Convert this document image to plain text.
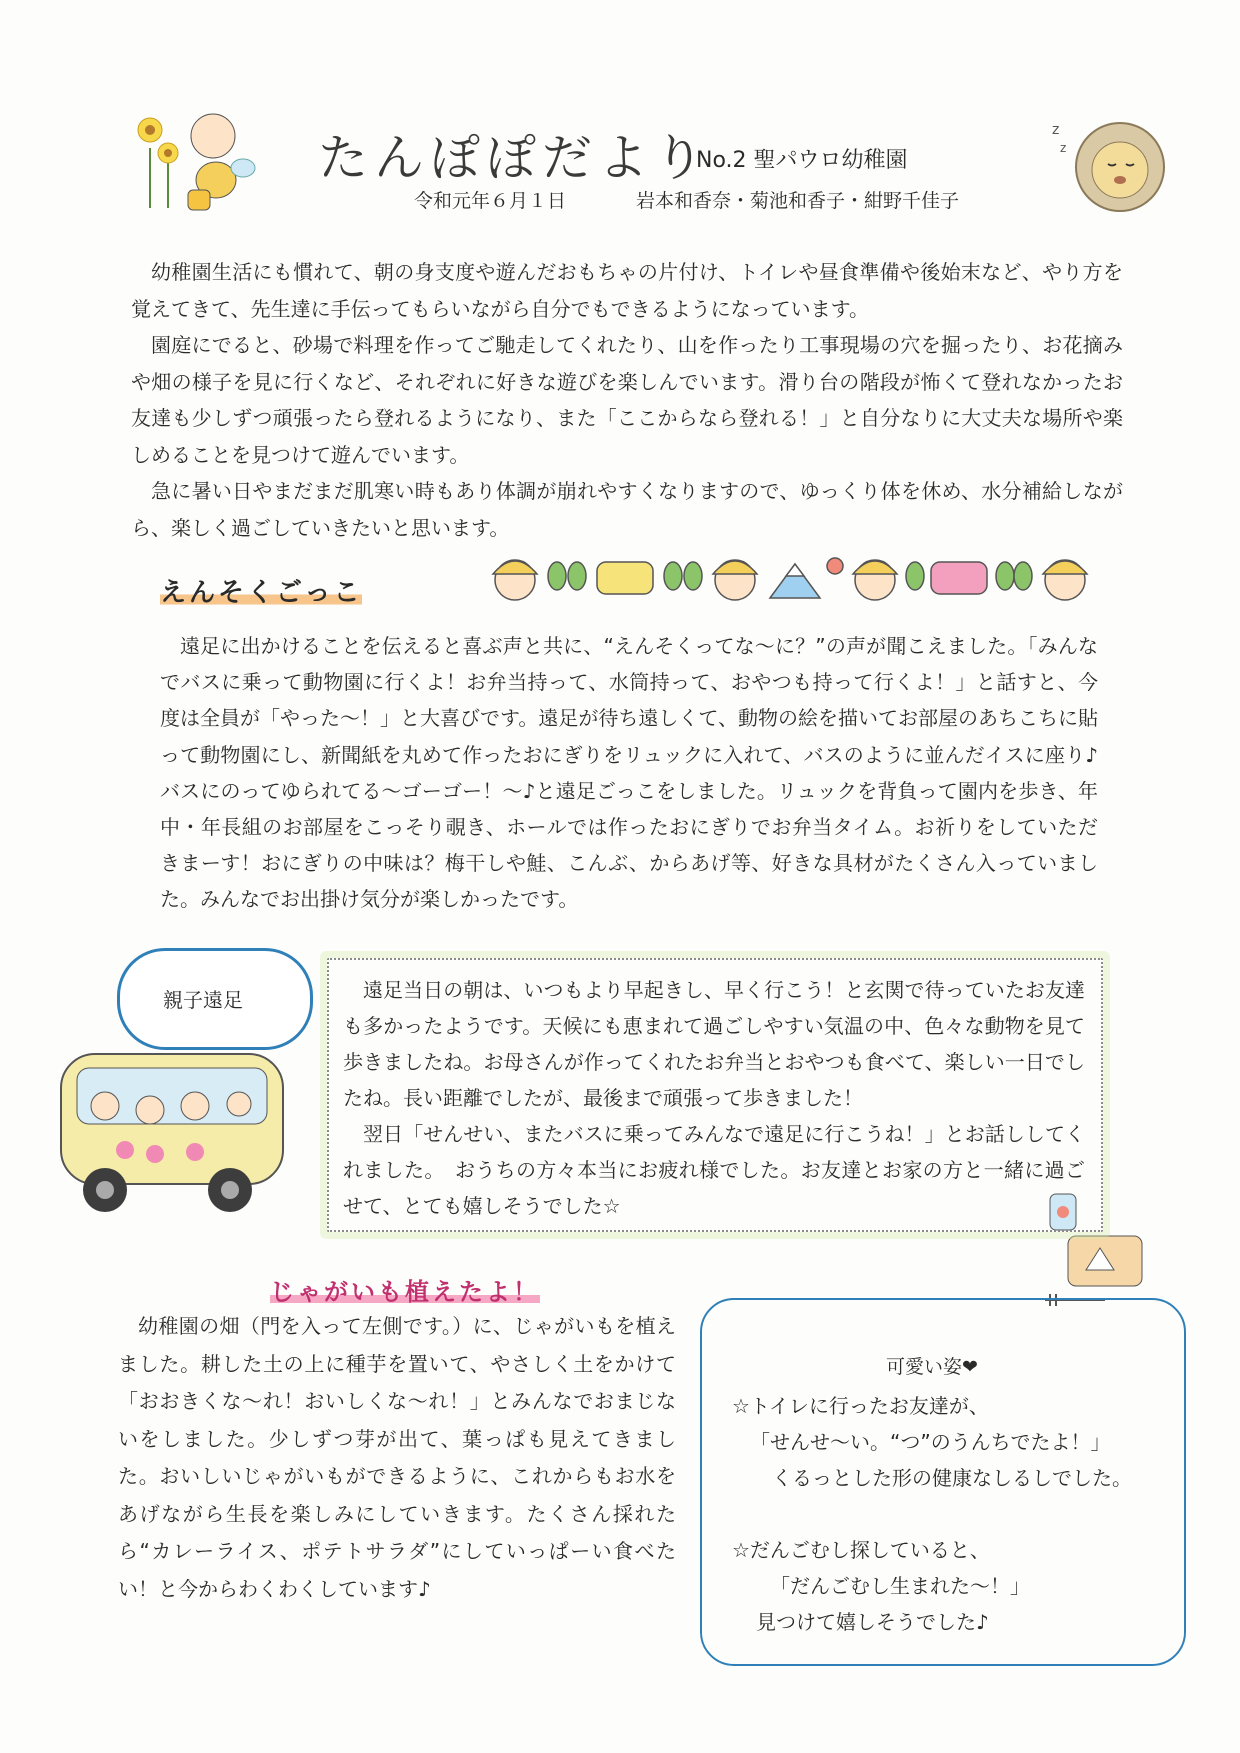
z
z
たんぽぽだより
No.2 聖パウロ幼稚園
令和元年６月１日	岩本和香奈・菊池和香子・紺野千佳子
幼稚園生活にも慣れて、朝の身支度や遊んだおもちゃの片付け、トイレや昼食準備や後始末など、やり方を覚えてきて、先生達に手伝ってもらいながら自分でもできるようになっています。
園庭にでると、砂場で料理を作ってご馳走してくれたり、山を作ったり工事現場の穴を掘ったり、お花摘みや畑の様子を見に行くなど、それぞれに好きな遊びを楽しんでいます。滑り台の階段が怖くて登れなかったお友達も少しずつ頑張ったら登れるようになり、また「ここからなら登れる！」と自分なりに大丈夫な場所や楽しめることを見つけて遊んでいます。
急に暑い日やまだまだ肌寒い時もあり体調が崩れやすくなりますので、ゆっくり体を休め、水分補給しながら、楽しく過ごしていきたいと思います。
えんそくごっこ
遠足に出かけることを伝えると喜ぶ声と共に、“えんそくってな～に？”の声が聞こえました。「みんなでバスに乗って動物園に行くよ！お弁当持って、水筒持って、おやつも持って行くよ！」と話すと、今度は全員が「やった～！」と大喜びです。遠足が待ち遠しくて、動物の絵を描いてお部屋のあちこちに貼って動物園にし、新聞紙を丸めて作ったおにぎりをリュックに入れて、バスのように並んだイスに座り♪バスにのってゆられてる～ゴーゴー！～♪と遠足ごっこをしました。リュックを背負って園内を歩き、年中・年長組のお部屋をこっそり覗き、ホールでは作ったおにぎりでお弁当タイム。お祈りをしていただきまーす！おにぎりの中味は？梅干しや鮭、こんぶ、からあげ等、好きな具材がたくさん入っていました。みんなでお出掛け気分が楽しかったです。
親子遠足	遠足当日の朝は、いつもより早起きし、早く行こう！と玄関で待っていたお友達も多かったようです。天候にも恵まれて過ごしやすい気温の中、色々な動物を見て歩きましたね。お母さんが作ってくれたお弁当とおやつも食べて、楽しい一日でしたね。長い距離でしたが、最後まで頑張って歩きました！
翌日「せんせい、またバスに乗ってみんなで遠足に行こうね！」とお話ししてくれました。　おうちの方々本当にお疲れ様でした。お友達とお家の方と一緒に過ごせて、とても嬉しそうでした☆
じゃがいも植えたよ！
幼稚園の畑（門を入って左側です。）に、じゃがいもを植えました。耕した土の上に種芋を置いて、やさしく土をかけて「おおきくな～れ！おいしくな～れ！」とみんなでおまじないをしました。少しずつ芽が出て、葉っぱも見えてきました。おいしいじゃがいもができるように、これからもお水をあげながら生長を楽しみにしていきます。たくさん採れたら“カレーライス、ポテトサラダ”にしていっぱーい食べたい！と今からわくわくしています♪
可愛い姿❤
☆トイレに行ったお友達が、
「せんせ～い。“つ”のうんちでたよ！」
くるっとした形の健康なしるしでした。
☆だんごむし探していると、
「だんごむし生まれた～！」
見つけて嬉しそうでした♪
